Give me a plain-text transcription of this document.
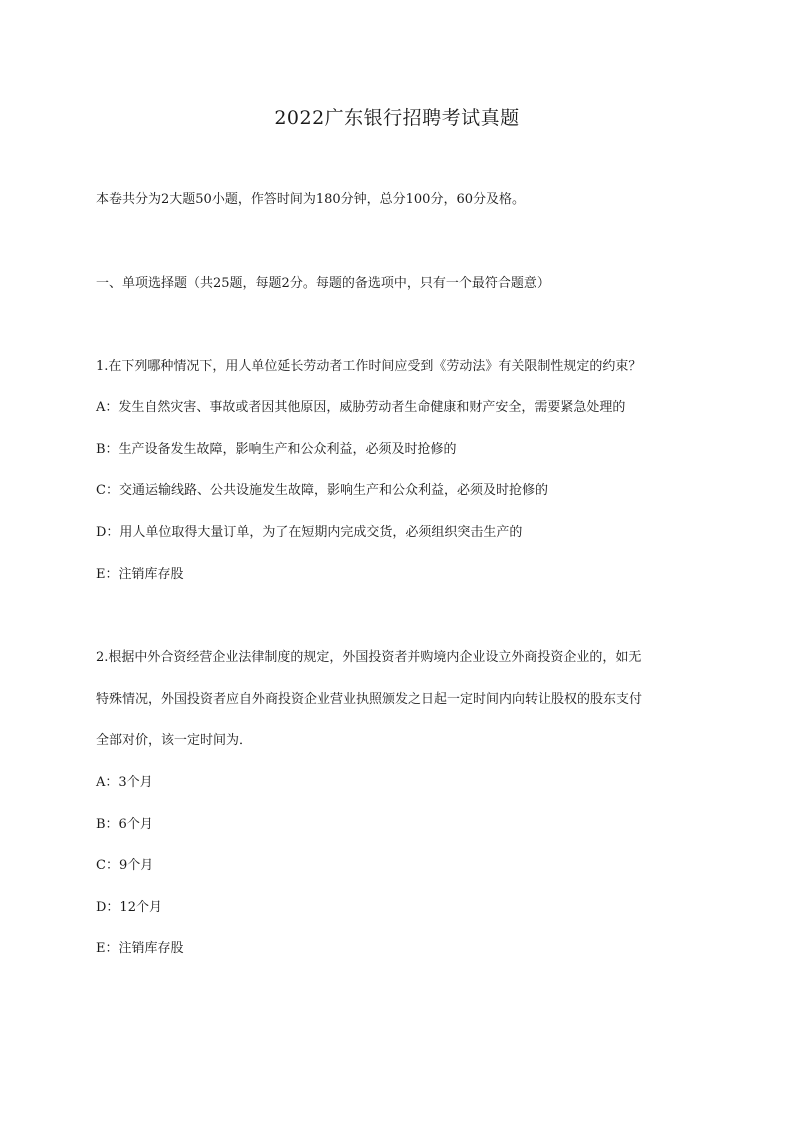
2022广东银行招聘考试真题
本卷共分为2大题50小题，作答时间为180分钟，总分100分，60分及格。
一、单项选择题（共25题，每题2分。每题的备选项中，只有一个最符合题意）
1.在下列哪种情况下，用人单位延长劳动者工作时间应受到《劳动法》有关限制性规定的约束？
A：发生自然灾害、事故或者因其他原因，威胁劳动者生命健康和财产安全，需要紧急处理的
B：生产设备发生故障，影响生产和公众利益，必须及时抢修的
C：交通运输线路、公共设施发生故障，影响生产和公众利益，必须及时抢修的
D：用人单位取得大量订单，为了在短期内完成交货，必须组织突击生产的
E：注销库存股
2.根据中外合资经营企业法律制度的规定，外国投资者并购境内企业设立外商投资企业的，如无
特殊情况，外国投资者应自外商投资企业营业执照颁发之日起一定时间内向转让股权的股东支付
全部对价，该一定时间为．
A：3个月
B：6个月
C：9个月
D：12个月
E：注销库存股
